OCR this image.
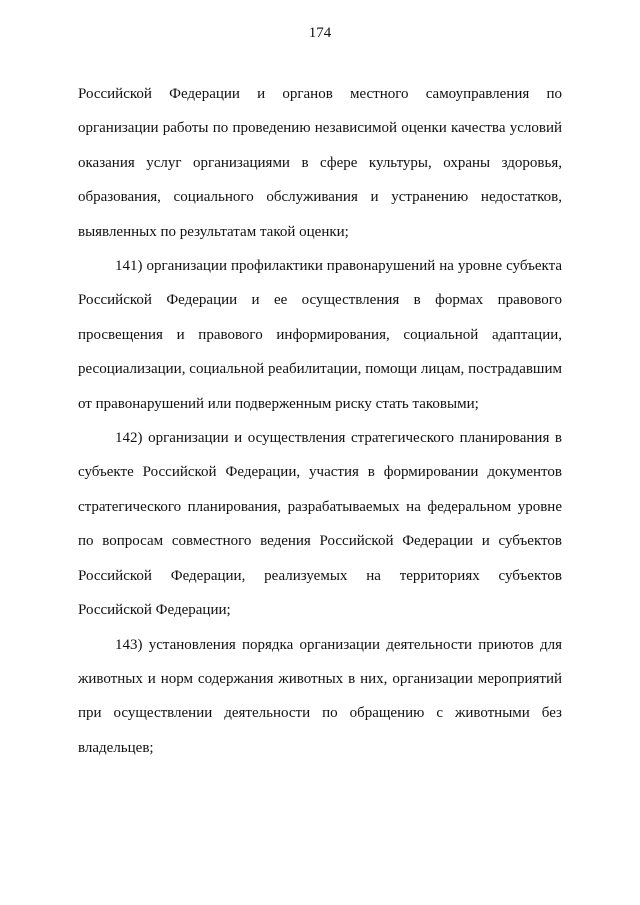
174

Российской Федерации и органов местного самоуправления по организации работы по проведению независимой оценки качества условий оказания услуг организациями в сфере культуры, охраны здоровья, образования, социального обслуживания и устранению недостатков, выявленных по результатам такой оценки;

141) организации профилактики правонарушений на уровне субъекта Российской Федерации и ее осуществления в формах правового просвещения и правового информирования, социальной адаптации, ресоциализации, социальной реабилитации, помощи лицам, пострадавшим от правонарушений или подверженным риску стать таковыми;

142) организации и осуществления стратегического планирования в субъекте Российской Федерации, участия в формировании документов стратегического планирования, разрабатываемых на федеральном уровне по вопросам совместного ведения Российской Федерации и субъектов Российской Федерации, реализуемых на территориях субъектов Российской Федерации;

143) установления порядка организации деятельности приютов для животных и норм содержания животных в них, организации мероприятий при осуществлении деятельности по обращению с животными без владельцев;
